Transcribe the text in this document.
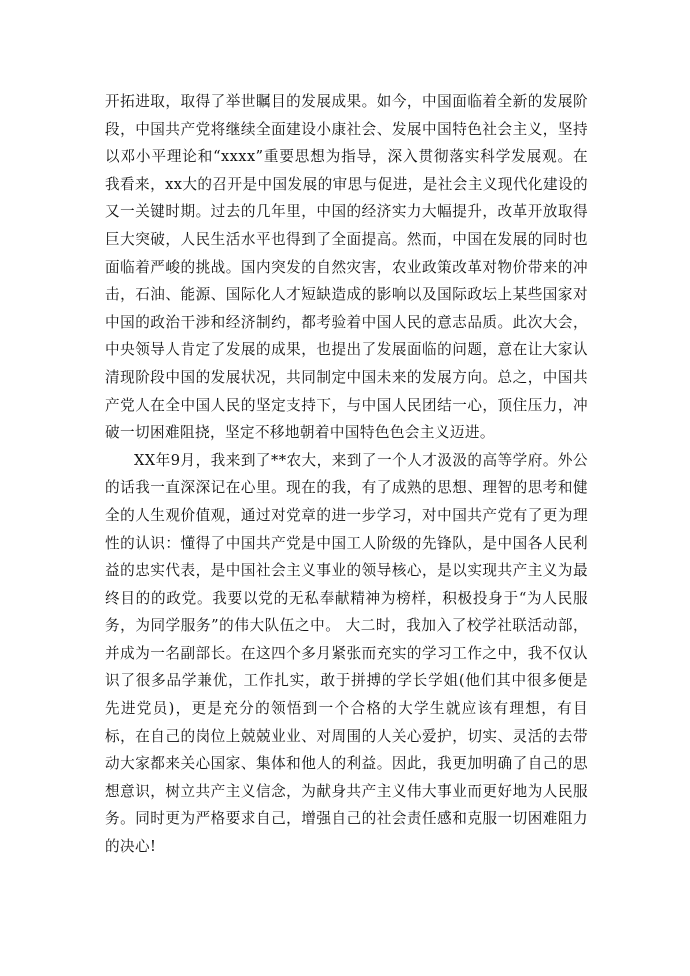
开拓进取，取得了举世瞩目的发展成果。如今，中国面临着全新的发展阶段，中国共产党将继续全面建设小康社会、发展中国特色社会主义，坚持以邓小平理论和“xxxx”重要思想为指导，深入贯彻落实科学发展观。在我看来，xx大的召开是中国发展的审思与促进，是社会主义现代化建设的又一关键时期。过去的几年里，中国的经济实力大幅提升，改革开放取得巨大突破，人民生活水平也得到了全面提高。然而，中国在发展的同时也面临着严峻的挑战。国内突发的自然灾害，农业政策改革对物价带来的冲击，石油、能源、国际化人才短缺造成的影响以及国际政坛上某些国家对中国的政治干涉和经济制约，都考验着中国人民的意志品质。此次大会，中央领导人肯定了发展的成果，也提出了发展面临的问题，意在让大家认清现阶段中国的发展状况，共同制定中国未来的发展方向。总之，中国共产党人在全中国人民的坚定支持下，与中国人民团结一心，顶住压力，冲破一切困难阻挠，坚定不移地朝着中国特色色会主义迈进。

XX年9月，我来到了**农大，来到了一个人才汲汲的高等学府。外公的话我一直深深记在心里。现在的我，有了成熟的思想、理智的思考和健全的人生观价值观，通过对党章的进一步学习，对中国共产党有了更为理性的认识：懂得了中国共产党是中国工人阶级的先锋队，是中国各人民利益的忠实代表，是中国社会主义事业的领导核心，是以实现共产主义为最终目的的政党。我要以党的无私奉献精神为榜样，积极投身于“为人民服务，为同学服务”的伟大队伍之中。 大二时，我加入了校学社联活动部，并成为一名副部长。在这四个多月紧张而充实的学习工作之中，我不仅认识了很多品学兼优，工作扎实，敢于拼搏的学长学姐(他们其中很多便是先进党员)，更是充分的领悟到一个合格的大学生就应该有理想，有目标，在自己的岗位上兢兢业业、对周围的人关心爱护，切实、灵活的去带动大家都来关心国家、集体和他人的利益。因此，我更加明确了自己的思想意识，树立共产主义信念，为献身共产主义伟大事业而更好地为人民服务。同时更为严格要求自己，增强自己的社会责任感和克服一切困难阻力的决心!
